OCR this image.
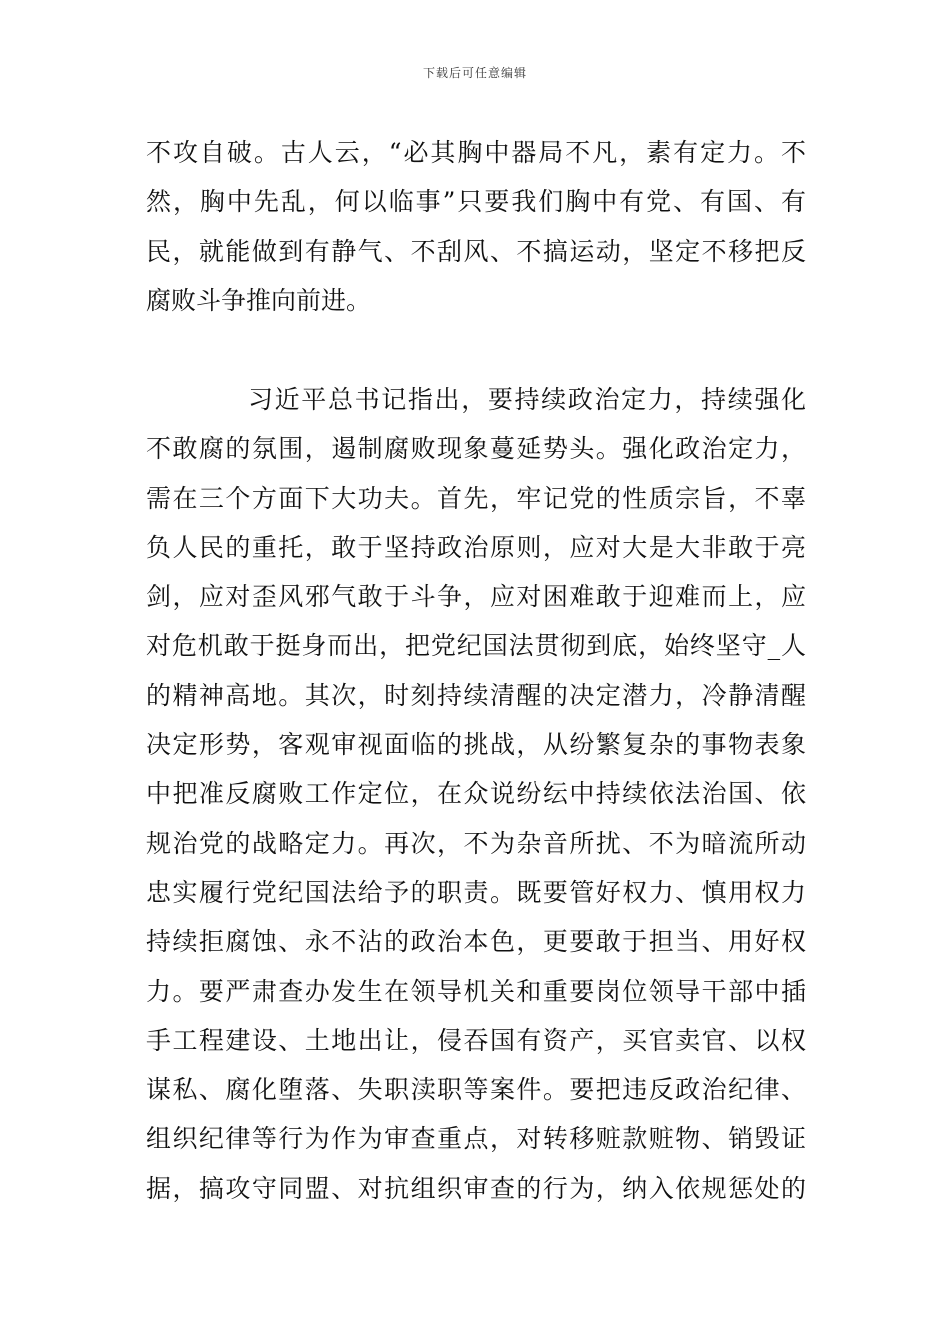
下载后可任意编辑
不攻自破。古人云，“必其胸中器局不凡，素有定力。不
然，胸中先乱，何以临事”只要我们胸中有党、有国、有
民，就能做到有静气、不刮风、不搞运动，坚定不移把反
腐败斗争推向前进。
习近平总书记指出，要持续政治定力，持续强化
不敢腐的氛围，遏制腐败现象蔓延势头。强化政治定力，
需在三个方面下大功夫。首先，牢记党的性质宗旨，不辜
负人民的重托，敢于坚持政治原则，应对大是大非敢于亮
剑，应对歪风邪气敢于斗争，应对困难敢于迎难而上，应
对危机敢于挺身而出，把党纪国法贯彻到底，始终坚守_人
的精神高地。其次，时刻持续清醒的决定潜力，冷静清醒
决定形势，客观审视面临的挑战，从纷繁复杂的事物表象
中把准反腐败工作定位，在众说纷纭中持续依法治国、依
规治党的战略定力。再次，不为杂音所扰、不为暗流所动
忠实履行党纪国法给予的职责。既要管好权力、慎用权力
持续拒腐蚀、永不沾的政治本色，更要敢于担当、用好权
力。要严肃查办发生在领导机关和重要岗位领导干部中插
手工程建设、土地出让，侵吞国有资产，买官卖官、以权
谋私、腐化堕落、失职渎职等案件。要把违反政治纪律、
组织纪律等行为作为审查重点，对转移赃款赃物、销毁证
据，搞攻守同盟、对抗组织审查的行为，纳入依规惩处的
